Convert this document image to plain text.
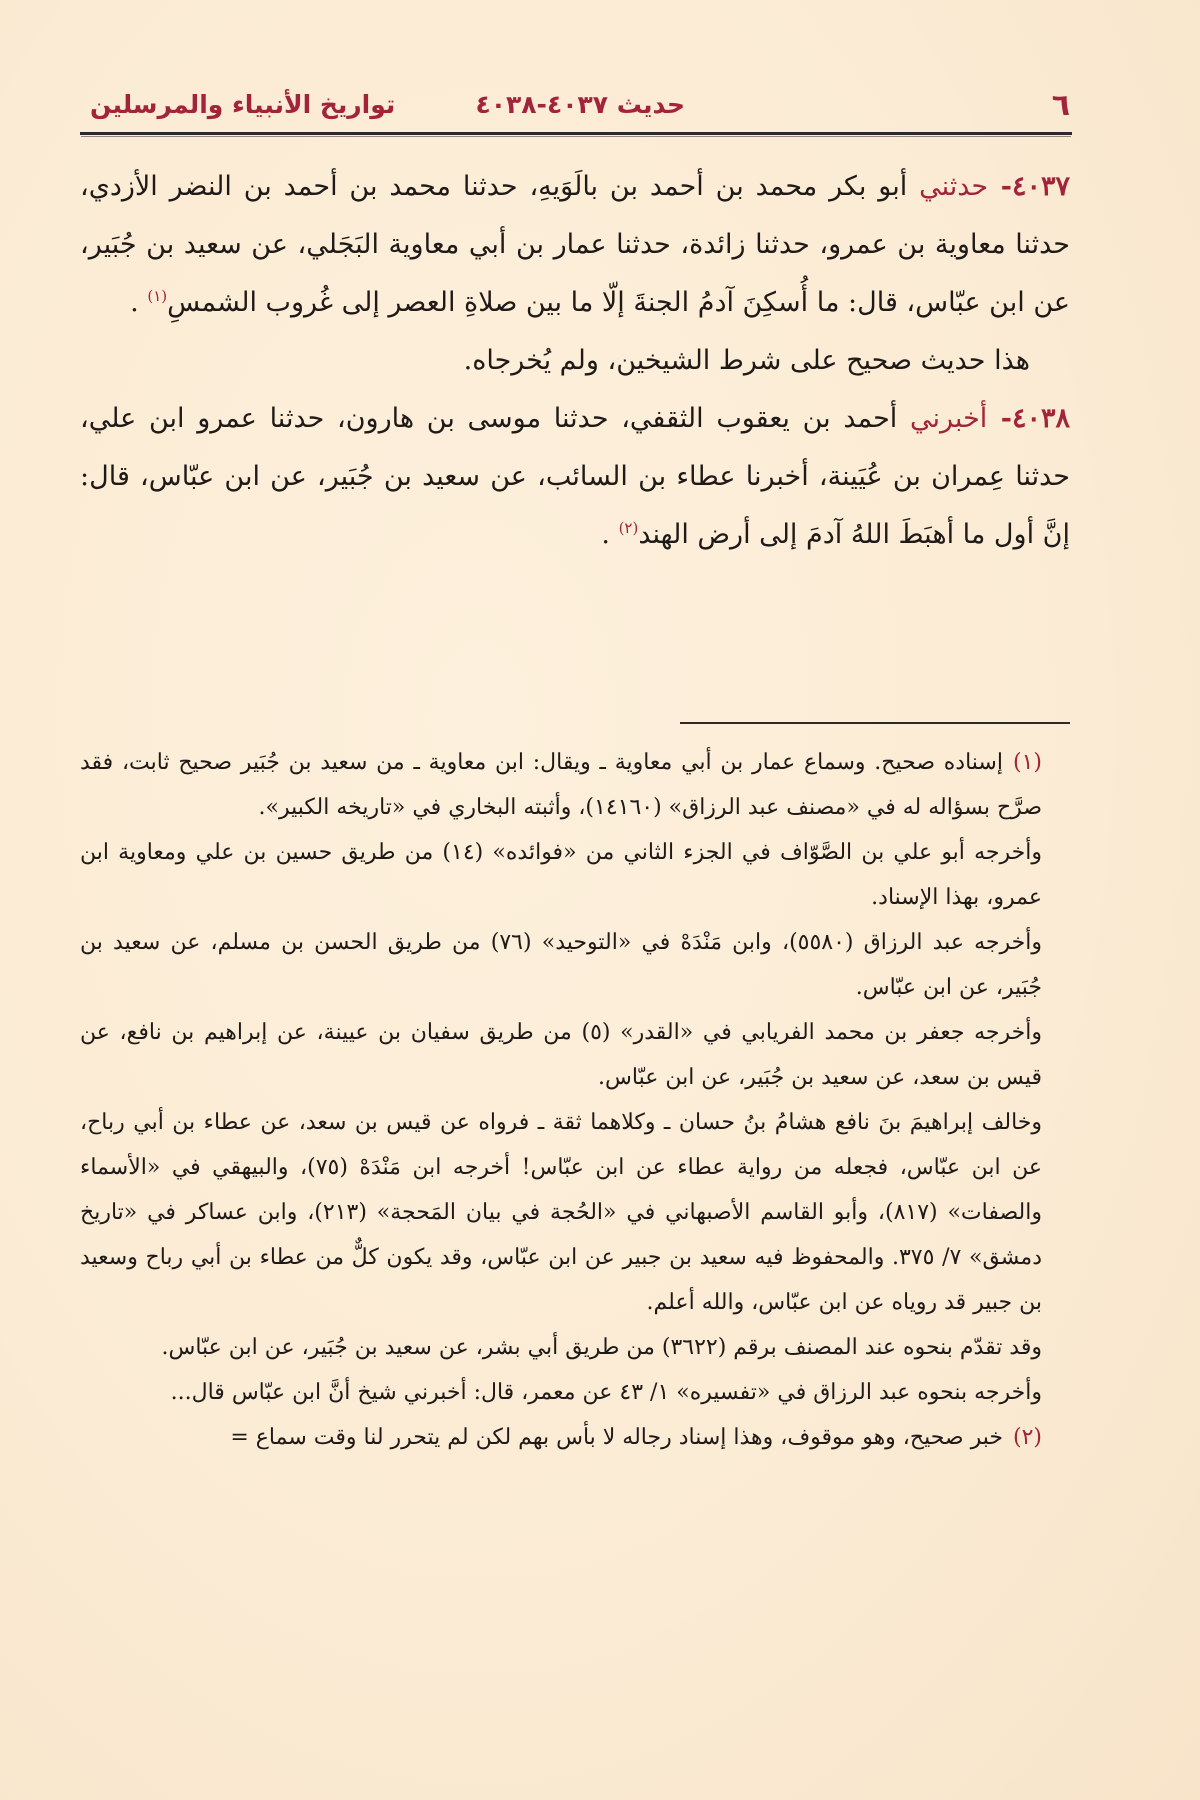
٦
حديث ٤٠٣٧-٤٠٣٨
تواريخ الأنبياء والمرسلين

٤٠٣٧- حدثني أبو بكر محمد بن أحمد بن بالَوَيهِ، حدثنا محمد بن أحمد بن النضر الأزدي، حدثنا معاوية بن عمرو، حدثنا زائدة، حدثنا عمار بن أبي معاوية البَجَلي، عن سعيد بن جُبَير، عن ابن عبّاس، قال: ما أُسكِنَ آدمُ الجنةَ إلّا ما بين صلاةِ العصر إلى غُروب الشمسِ$^{(١)}$ .

هذا حديث صحيح على شرط الشيخين، ولم يُخرجاه.

٤٠٣٨- أخبرني أحمد بن يعقوب الثقفي، حدثنا موسى بن هارون، حدثنا عمرو ابن علي، حدثنا عِمران بن عُيَينة، أخبرنا عطاء بن السائب، عن سعيد بن جُبَير، عن ابن عبّاس، قال: إنَّ أول ما أهبَطَ اللهُ آدمَ إلى أرض الهند$^{(٢)}$ .

(١)إسناده صحيح. وسماع عمار بن أبي معاوية ـ ويقال: ابن معاوية ـ من سعيد بن جُبَير صحيح ثابت، فقد صرَّح بسؤاله له في «مصنف عبد الرزاق» (١٤١٦٠)، وأثبته البخاري في «تاريخه الكبير».

وأخرجه أبو علي بن الصَّوّاف في الجزء الثاني من «فوائده» (١٤) من طريق حسين بن علي ومعاوية ابن عمرو، بهذا الإسناد.

وأخرجه عبد الرزاق (٥٥٨٠)، وابن مَنْدَهْ في «التوحيد» (٧٦) من طريق الحسن بن مسلم، عن سعيد بن جُبَير، عن ابن عبّاس.

وأخرجه جعفر بن محمد الفريابي في «القدر» (٥) من طريق سفيان بن عيينة، عن إبراهيم بن نافع، عن قيس بن سعد، عن سعيد بن جُبَير، عن ابن عبّاس.

وخالف إبراهيمَ بنَ نافع هشامُ بنُ حسان ـ وكلاهما ثقة ـ فرواه عن قيس بن سعد، عن عطاء بن أبي رباح، عن ابن عبّاس، فجعله من رواية عطاء عن ابن عبّاس! أخرجه ابن مَنْدَهْ (٧٥)، والبيهقي في «الأسماء والصفات» (٨١٧)، وأبو القاسم الأصبهاني في «الحُجة في بيان المَحجة» (٢١٣)، وابن عساكر في «تاريخ دمشق» ٧/ ٣٧٥. والمحفوظ فيه سعيد بن جبير عن ابن عبّاس، وقد يكون كلٌّ من عطاء بن أبي رباح وسعيد بن جبير قد روياه عن ابن عبّاس، والله أعلم.

وقد تقدّم بنحوه عند المصنف برقم (٣٦٢٢) من طريق أبي بشر، عن سعيد بن جُبَير، عن ابن عبّاس.

وأخرجه بنحوه عبد الرزاق في «تفسيره» ١/ ٤٣ عن معمر، قال: أخبرني شيخ أنَّ ابن عبّاس قال...

(٢)خبر صحيح، وهو موقوف، وهذا إسناد رجاله لا بأس بهم لكن لم يتحرر لنا وقت سماع =
